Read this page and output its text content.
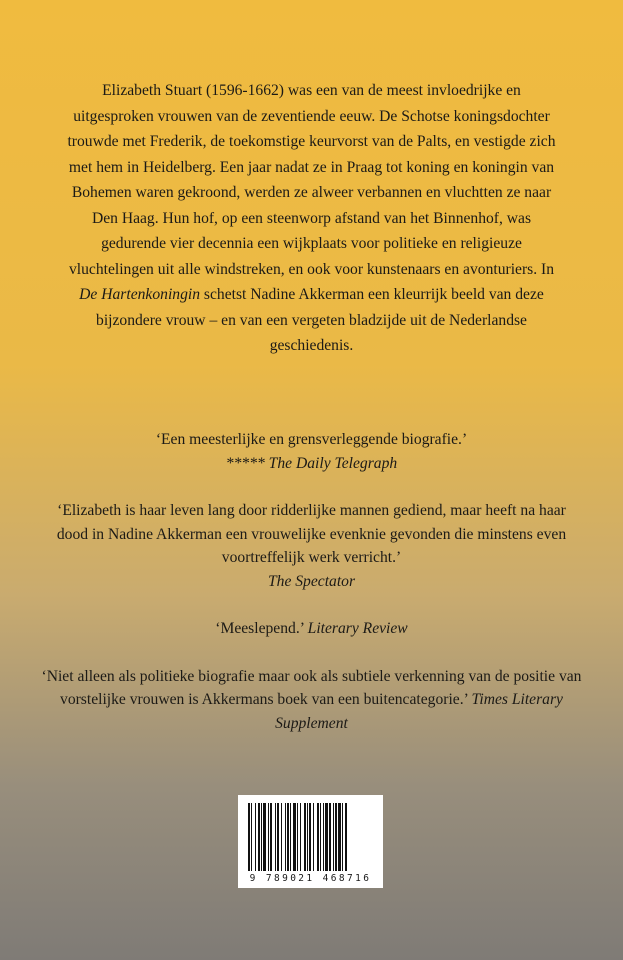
Elizabeth Stuart (1596-1662) was een van de meest invloedrijke en uitgesproken vrouwen van de zeventiende eeuw. De Schotse koningsdochter trouwde met Frederik, de toekomstige keurvorst van de Palts, en vestigde zich met hem in Heidelberg. Een jaar nadat ze in Praag tot koning en koningin van Bohemen waren gekroond, werden ze alweer verbannen en vluchtten ze naar Den Haag. Hun hof, op een steenworp afstand van het Binnenhof, was gedurende vier decennia een wijkplaats voor politieke en religieuze vluchtelingen uit alle windstreken, en ook voor kunstenaars en avonturiers. In De Hartenkoningin schetst Nadine Akkerman een kleurrijk beeld van deze bijzondere vrouw – en van een vergeten bladzijde uit de Nederlandse geschiedenis.

‘Een meesterlijke en grensverleggende biografie.’
***** The Daily Telegraph

‘Elizabeth is haar leven lang door ridderlijke mannen gediend, maar heeft na haar dood in Nadine Akkerman een vrouwelijke evenknie gevonden die minstens even voortreffelijk werk verricht.’
The Spectator

‘Meeslepend.’ Literary Review

‘Niet alleen als politieke biografie maar ook als subtiele verkenning van de positie van vorstelijke vrouwen is Akkermans boek van een buitencategorie.’ Times Literary Supplement

9 789021 468716
